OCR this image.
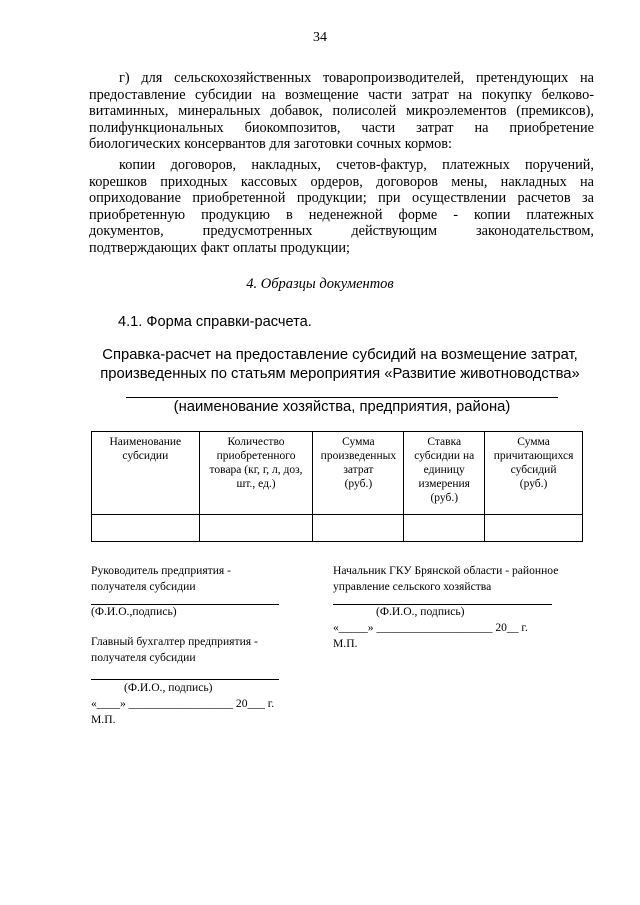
34
г) для сельскохозяйственных товаропроизводителей, претендующих на
предоставление субсидии на возмещение части затрат на покупку белково-
витаминных, минеральных добавок, полисолей микроэлементов (премиксов),
полифункциональных биокомпозитов, части затрат на приобретение
биологических консервантов для заготовки сочных кормов:
копии договоров, накладных, счетов-фактур, платежных поручений,
корешков приходных кассовых ордеров, договоров мены, накладных на
оприходование приобретенной продукции; при осуществлении расчетов за
приобретенную продукцию в неденежной форме - копии платежных
документов, предусмотренных действующим законодательством,
подтверждающих факт оплаты продукции;
4. Образцы документов
4.1. Форма справки-расчета.
Справка-расчет на предоставление субсидий на возмещение затрат,
произведенных по статьям мероприятия «Развитие животноводства»
(наименование хозяйства, предприятия, района)
Наименование
субсидии	Количество
приобретенного
товара (кг, г, л, доз,
шт., ед.)	Сумма
произведенных
затрат
(руб.)	Ставка
субсидии на
единицу
измерения
(руб.)	Сумма
причитающихся
субсидий
(руб.)

Руководитель предприятия -
получателя субсидии
(Ф.И.О.,подпись)
Главный бухгалтер предприятия -
получателя субсидии
(Ф.И.О., подпись)
«____» __________________ 20___ г.
М.П.
Начальник ГКУ Брянской области - районное
управление сельского хозяйства
(Ф.И.О., подпись)
«_____» ____________________ 20__ г.
М.П.
